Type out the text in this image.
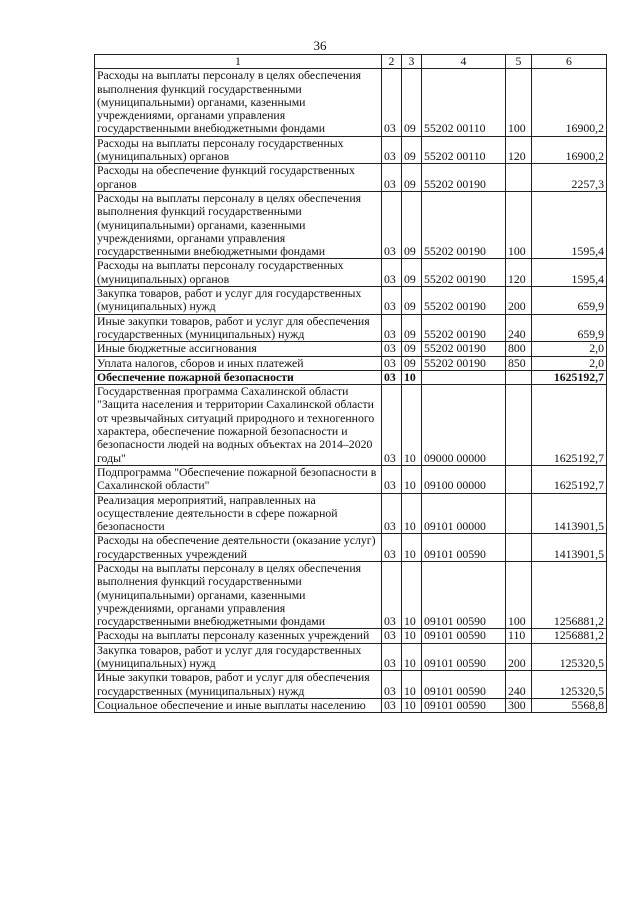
36
1	2	3	4	5	6
Расходы на выплаты персоналу в целях обеспечения выполнения функций государственными (муниципальными) органами, казенными учреждениями, органами управления государственными внебюджетными фондами	03	09	55202 00110	100	16900,2
Расходы на выплаты персоналу государственных (муниципальных) органов	03	09	55202 00110	120	16900,2
Расходы на обеспечение функций государственных органов	03	09	55202 00190		2257,3
Расходы на выплаты персоналу в целях обеспечения выполнения функций государственными (муниципальными) органами, казенными учреждениями, органами управления государственными внебюджетными фондами	03	09	55202 00190	100	1595,4
Расходы на выплаты персоналу государственных (муниципальных) органов	03	09	55202 00190	120	1595,4
Закупка товаров, работ и услуг для государственных (муниципальных) нужд	03	09	55202 00190	200	659,9
Иные закупки товаров, работ и услуг для обеспечения государственных (муниципальных) нужд	03	09	55202 00190	240	659,9
Иные бюджетные ассигнования	03	09	55202 00190	800	2,0
Уплата налогов, сборов и иных платежей	03	09	55202 00190	850	2,0
Обеспечение пожарной безопасности	03	10			1625192,7
Государственная программа Сахалинской области "Защита населения и территории Сахалинской области от чрезвычайных ситуаций природного и техногенного характера, обеспечение пожарной безопасности и безопасности людей на водных объектах на 2014–2020 годы"	03	10	09000 00000		1625192,7
Подпрограмма "Обеспечение пожарной безопасности в Сахалинской области"	03	10	09100 00000		1625192,7
Реализация мероприятий, направленных на осуществление деятельности в сфере пожарной безопасности	03	10	09101 00000		1413901,5
Расходы на обеспечение деятельности (оказание услуг) государственных учреждений	03	10	09101 00590		1413901,5
Расходы на выплаты персоналу в целях обеспечения выполнения функций государственными (муниципальными) органами, казенными учреждениями, органами управления государственными внебюджетными фондами	03	10	09101 00590	100	1256881,2
Расходы на выплаты персоналу казенных учреждений	03	10	09101 00590	110	1256881,2
Закупка товаров, работ и услуг для государственных (муниципальных) нужд	03	10	09101 00590	200	125320,5
Иные закупки товаров, работ и услуг для обеспечения государственных (муниципальных) нужд	03	10	09101 00590	240	125320,5
Социальное обеспечение и иные выплаты населению	03	10	09101 00590	300	5568,8
